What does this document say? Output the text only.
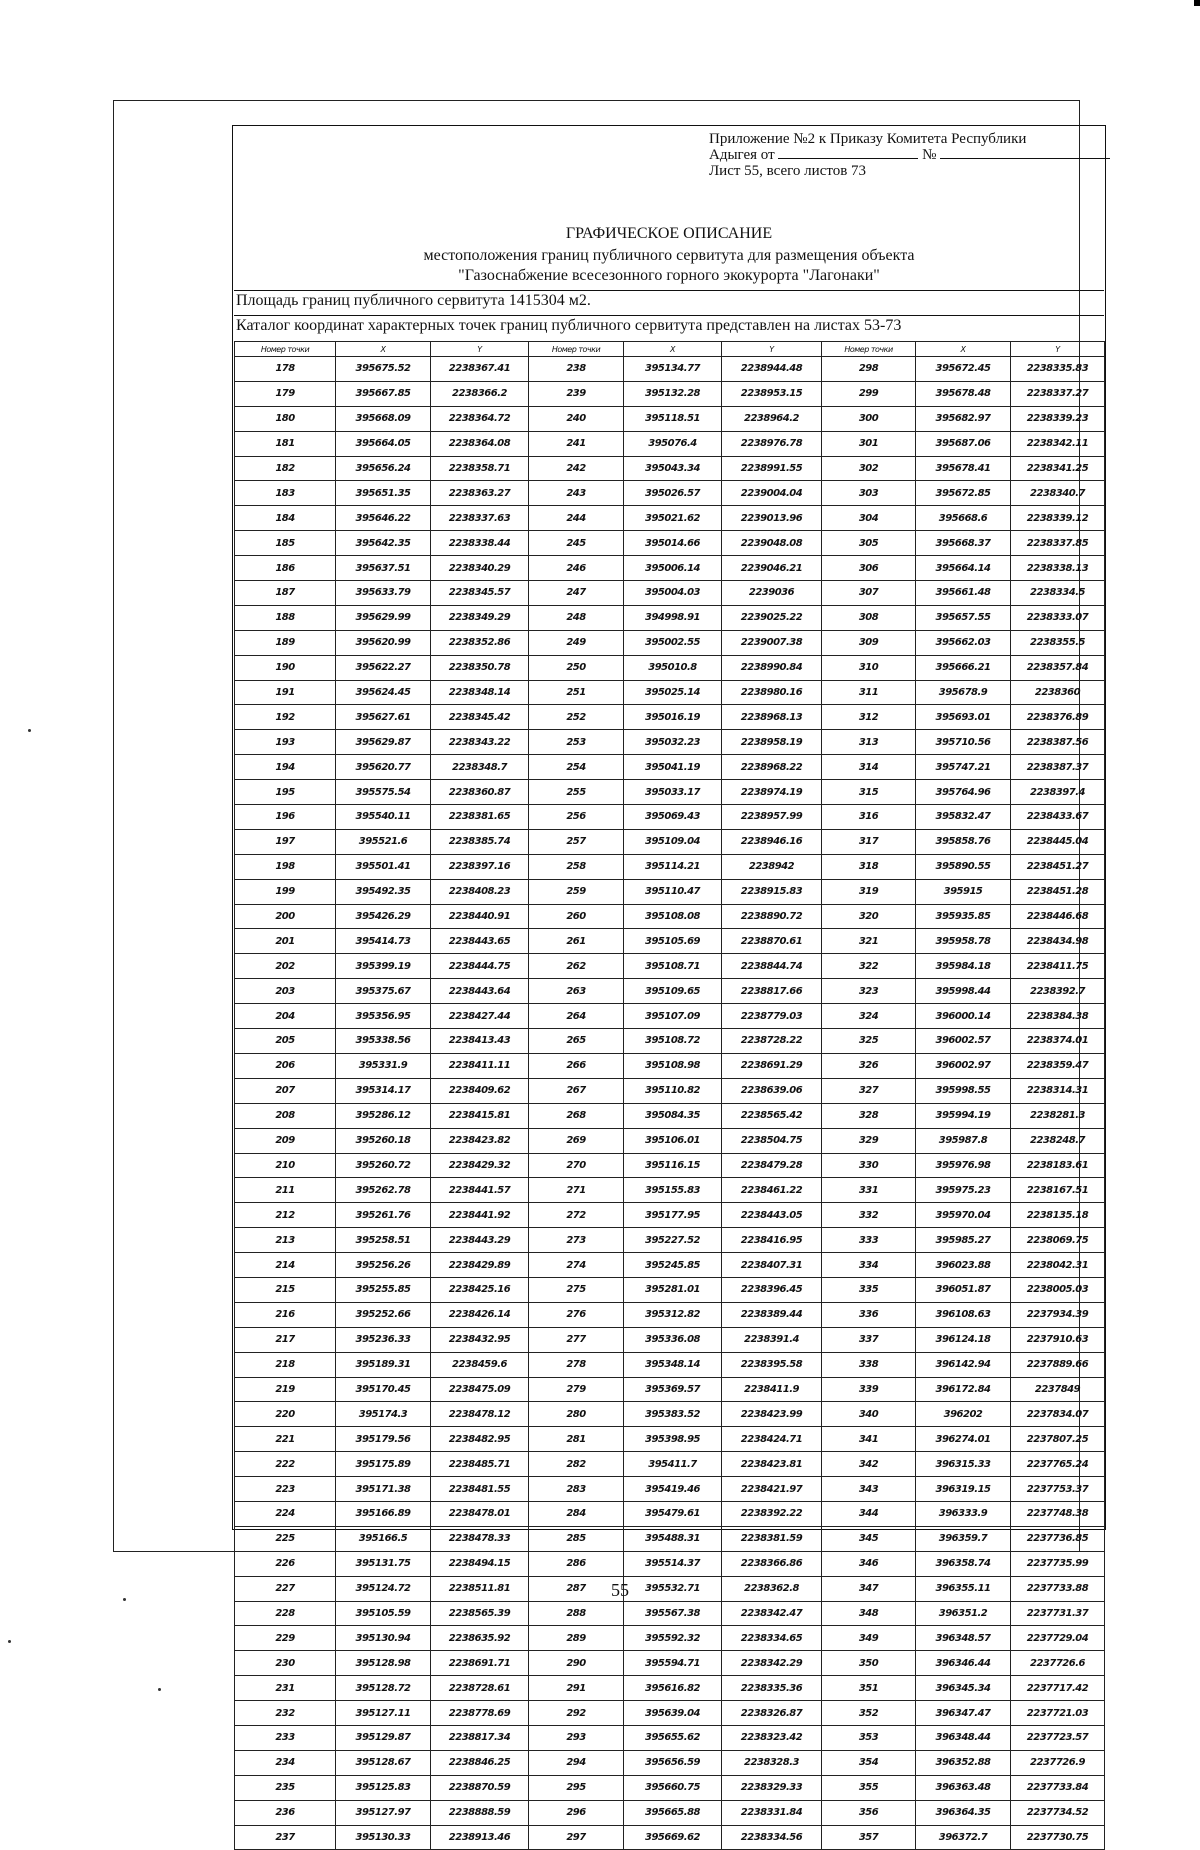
Приложение №2 к Приказу Комитета Республики
Адыгея от	№
Лист 55, всего листов 73
ГРАФИЧЕСКОЕ ОПИСАНИЕ
местоположения границ публичного сервитута для размещения объекта
"Газоснабжение всесезонного горного экокурорта "Лагонаки"
Площадь границ публичного сервитута 1415304 м2.
Каталог координат характерных точек границ публичного сервитута представлен на листах 53-73
Номер точки	X	Y	Номер точки	X	Y	Номер точки	X	Y
178	395675.52	2238367.41	238	395134.77	2238944.48	298	395672.45	2238335.83
179	395667.85	2238366.2	239	395132.28	2238953.15	299	395678.48	2238337.27
180	395668.09	2238364.72	240	395118.51	2238964.2	300	395682.97	2238339.23
181	395664.05	2238364.08	241	395076.4	2238976.78	301	395687.06	2238342.11
182	395656.24	2238358.71	242	395043.34	2238991.55	302	395678.41	2238341.25
183	395651.35	2238363.27	243	395026.57	2239004.04	303	395672.85	2238340.7
184	395646.22	2238337.63	244	395021.62	2239013.96	304	395668.6	2238339.12
185	395642.35	2238338.44	245	395014.66	2239048.08	305	395668.37	2238337.85
186	395637.51	2238340.29	246	395006.14	2239046.21	306	395664.14	2238338.13
187	395633.79	2238345.57	247	395004.03	2239036	307	395661.48	2238334.5
188	395629.99	2238349.29	248	394998.91	2239025.22	308	395657.55	2238333.07
189	395620.99	2238352.86	249	395002.55	2239007.38	309	395662.03	2238355.5
190	395622.27	2238350.78	250	395010.8	2238990.84	310	395666.21	2238357.84
191	395624.45	2238348.14	251	395025.14	2238980.16	311	395678.9	2238360
192	395627.61	2238345.42	252	395016.19	2238968.13	312	395693.01	2238376.89
193	395629.87	2238343.22	253	395032.23	2238958.19	313	395710.56	2238387.56
194	395620.77	2238348.7	254	395041.19	2238968.22	314	395747.21	2238387.37
195	395575.54	2238360.87	255	395033.17	2238974.19	315	395764.96	2238397.4
196	395540.11	2238381.65	256	395069.43	2238957.99	316	395832.47	2238433.67
197	395521.6	2238385.74	257	395109.04	2238946.16	317	395858.76	2238445.04
198	395501.41	2238397.16	258	395114.21	2238942	318	395890.55	2238451.27
199	395492.35	2238408.23	259	395110.47	2238915.83	319	395915	2238451.28
200	395426.29	2238440.91	260	395108.08	2238890.72	320	395935.85	2238446.68
201	395414.73	2238443.65	261	395105.69	2238870.61	321	395958.78	2238434.98
202	395399.19	2238444.75	262	395108.71	2238844.74	322	395984.18	2238411.75
203	395375.67	2238443.64	263	395109.65	2238817.66	323	395998.44	2238392.7
204	395356.95	2238427.44	264	395107.09	2238779.03	324	396000.14	2238384.38
205	395338.56	2238413.43	265	395108.72	2238728.22	325	396002.57	2238374.01
206	395331.9	2238411.11	266	395108.98	2238691.29	326	396002.97	2238359.47
207	395314.17	2238409.62	267	395110.82	2238639.06	327	395998.55	2238314.31
208	395286.12	2238415.81	268	395084.35	2238565.42	328	395994.19	2238281.3
209	395260.18	2238423.82	269	395106.01	2238504.75	329	395987.8	2238248.7
210	395260.72	2238429.32	270	395116.15	2238479.28	330	395976.98	2238183.61
211	395262.78	2238441.57	271	395155.83	2238461.22	331	395975.23	2238167.51
212	395261.76	2238441.92	272	395177.95	2238443.05	332	395970.04	2238135.18
213	395258.51	2238443.29	273	395227.52	2238416.95	333	395985.27	2238069.75
214	395256.26	2238429.89	274	395245.85	2238407.31	334	396023.88	2238042.31
215	395255.85	2238425.16	275	395281.01	2238396.45	335	396051.87	2238005.03
216	395252.66	2238426.14	276	395312.82	2238389.44	336	396108.63	2237934.39
217	395236.33	2238432.95	277	395336.08	2238391.4	337	396124.18	2237910.63
218	395189.31	2238459.6	278	395348.14	2238395.58	338	396142.94	2237889.66
219	395170.45	2238475.09	279	395369.57	2238411.9	339	396172.84	2237849
220	395174.3	2238478.12	280	395383.52	2238423.99	340	396202	2237834.07
221	395179.56	2238482.95	281	395398.95	2238424.71	341	396274.01	2237807.25
222	395175.89	2238485.71	282	395411.7	2238423.81	342	396315.33	2237765.24
223	395171.38	2238481.55	283	395419.46	2238421.97	343	396319.15	2237753.37
224	395166.89	2238478.01	284	395479.61	2238392.22	344	396333.9	2237748.38
225	395166.5	2238478.33	285	395488.31	2238381.59	345	396359.7	2237736.85
226	395131.75	2238494.15	286	395514.37	2238366.86	346	396358.74	2237735.99
227	395124.72	2238511.81	287	395532.71	2238362.8	347	396355.11	2237733.88
228	395105.59	2238565.39	288	395567.38	2238342.47	348	396351.2	2237731.37
229	395130.94	2238635.92	289	395592.32	2238334.65	349	396348.57	2237729.04
230	395128.98	2238691.71	290	395594.71	2238342.29	350	396346.44	2237726.6
231	395128.72	2238728.61	291	395616.82	2238335.36	351	396345.34	2237717.42
232	395127.11	2238778.69	292	395639.04	2238326.87	352	396347.47	2237721.03
233	395129.87	2238817.34	293	395655.62	2238323.42	353	396348.44	2237723.57
234	395128.67	2238846.25	294	395656.59	2238328.3	354	396352.88	2237726.9
235	395125.83	2238870.59	295	395660.75	2238329.33	355	396363.48	2237733.84
236	395127.97	2238888.59	296	395665.88	2238331.84	356	396364.35	2237734.52
237	395130.33	2238913.46	297	395669.62	2238334.56	357	396372.7	2237730.75
55
